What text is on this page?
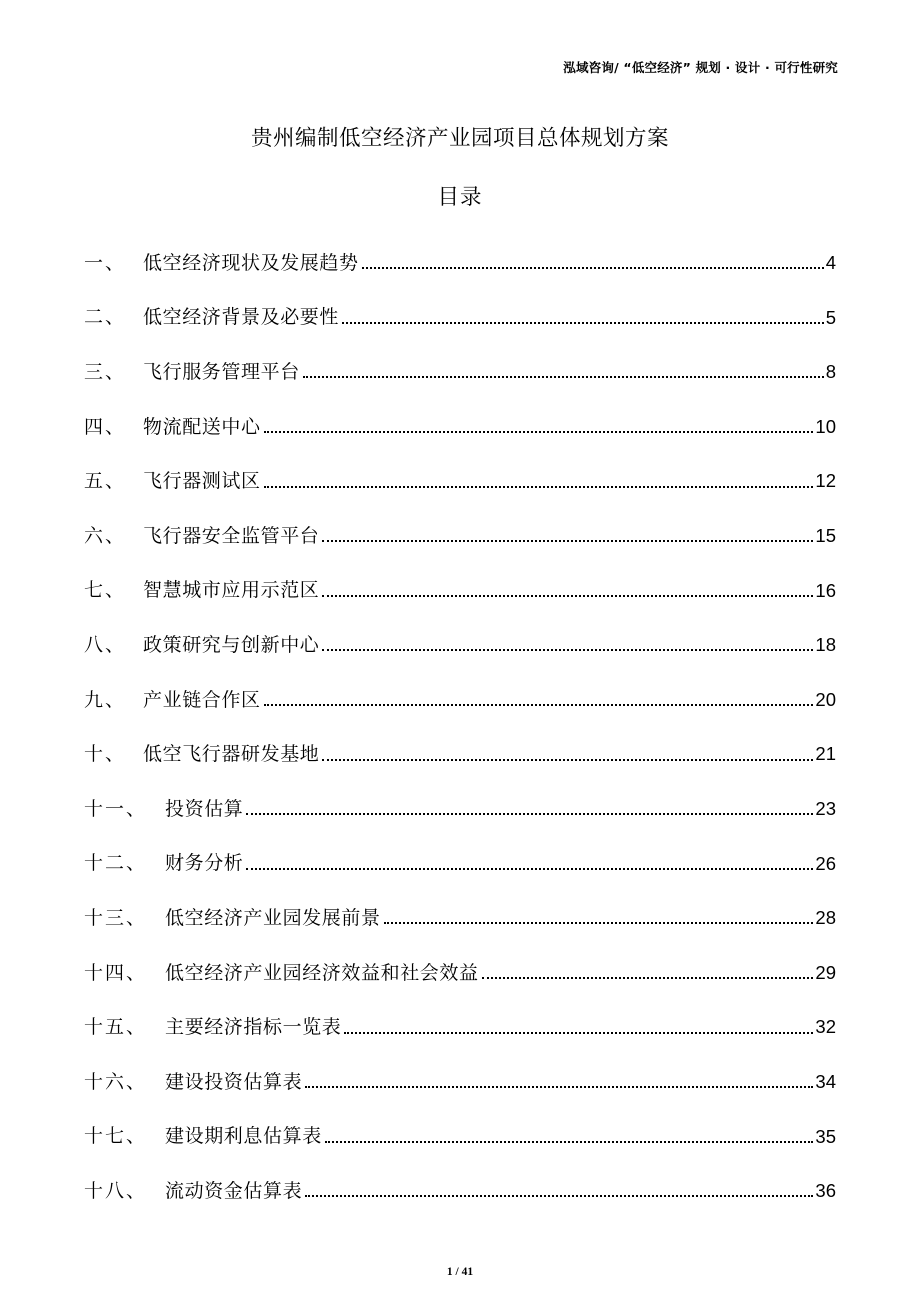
泓域咨询/ “低空经济” 规划 · 设计 · 可行性研究
贵州编制低空经济产业园项目总体规划方案
目录
一、 低空经济现状及发展趋势	4
二、 低空经济背景及必要性	5
三、 飞行服务管理平台	8
四、 物流配送中心	10
五、 飞行器测试区	12
六、 飞行器安全监管平台	15
七、 智慧城市应用示范区	16
八、 政策研究与创新中心	18
九、 产业链合作区	20
十、 低空飞行器研发基地	21
十一、 投资估算	23
十二、 财务分析	26
十三、 低空经济产业园发展前景	28
十四、 低空经济产业园经济效益和社会效益	29
十五、 主要经济指标一览表	32
十六、 建设投资估算表	34
十七、 建设期利息估算表	35
十八、 流动资金估算表	36
1 / 41
